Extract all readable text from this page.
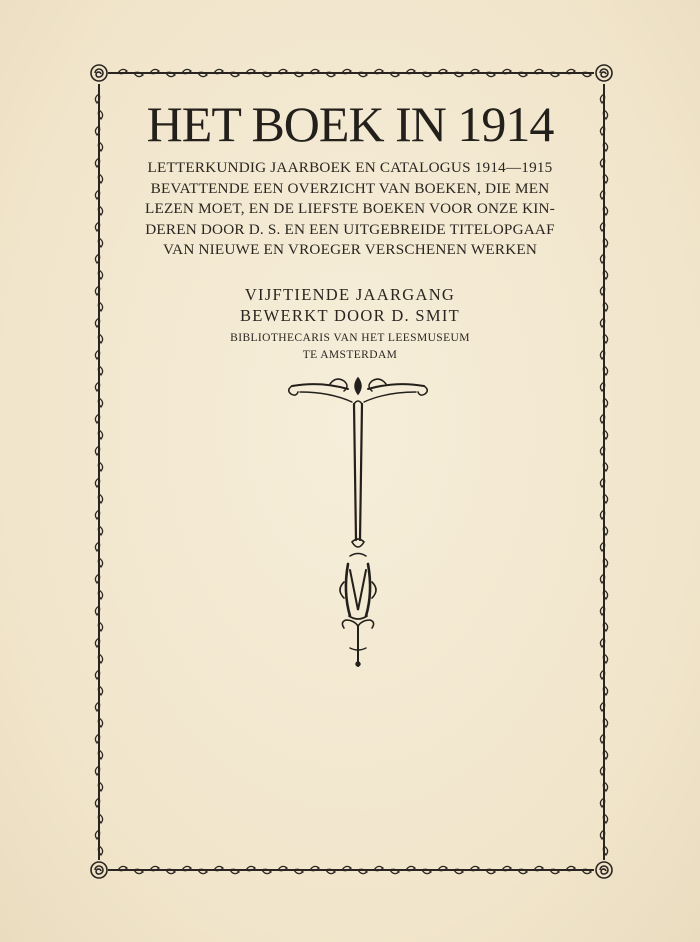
HET BOEK IN 1914
LETTERKUNDIG JAARBOEK EN CATALOGUS 1914—1915
BEVATTENDE EEN OVERZICHT VAN BOEKEN, DIE MEN
LEZEN MOET, EN DE LIEFSTE BOEKEN VOOR ONZE KIN-
DEREN DOOR D. S. EN EEN UITGEBREIDE TITELOPGAAF
VAN NIEUWE EN VROEGER VERSCHENEN WERKEN
VIJFTIENDE JAARGANG
BEWERKT DOOR D. SMIT
BIBLIOTHECARIS VAN HET LEESMUSEUM
TE AMSTERDAM
